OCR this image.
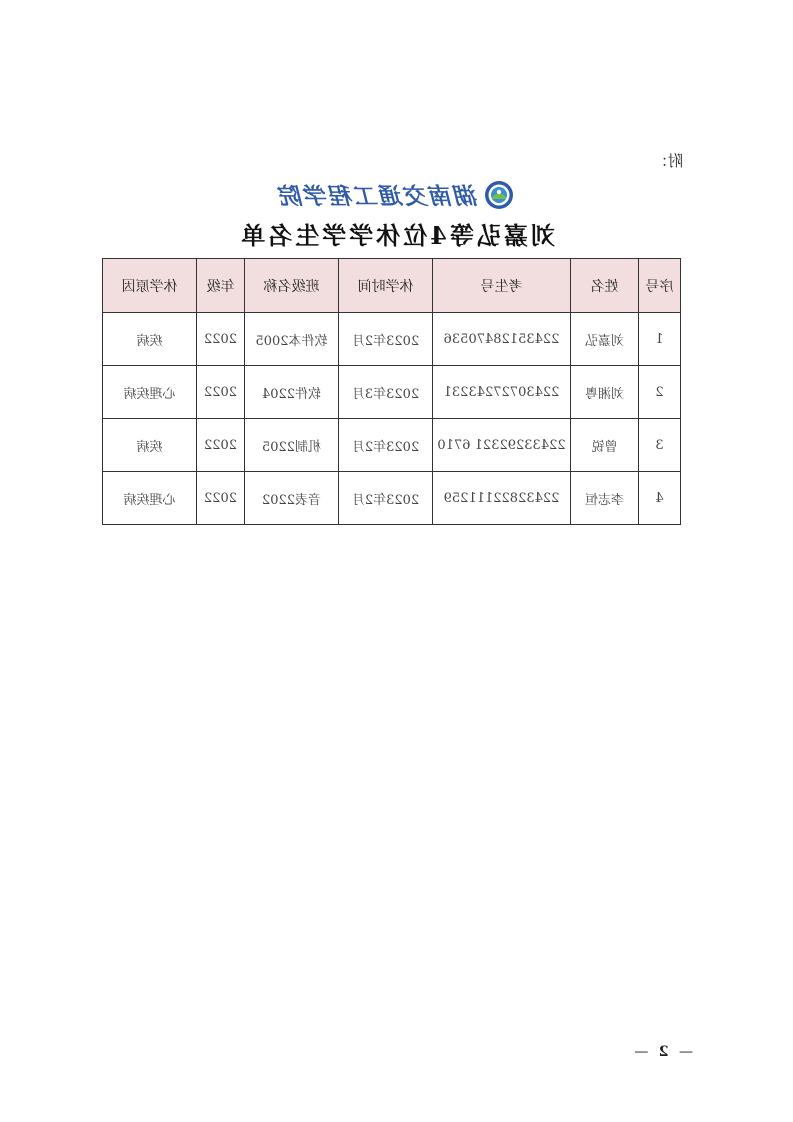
附：
湖南交通工程学院
刘嘉弘等4位休学学生名单
序号	姓名	考生号	休学时间	班级名称	年级	休学原因
1	刘嘉弘	22435128470536	2023年2月	软件本2005	2022	疾病
2	刘湘粤	22430727243231	2023年3月	软件2204	2022	心理疾病
3	曾锐	22433292321 6710	2023年2月	机制2205	2022	疾病
4	李志恒	22432822111259	2023年2月	音表2202	2022	心理疾病
— 2 —
